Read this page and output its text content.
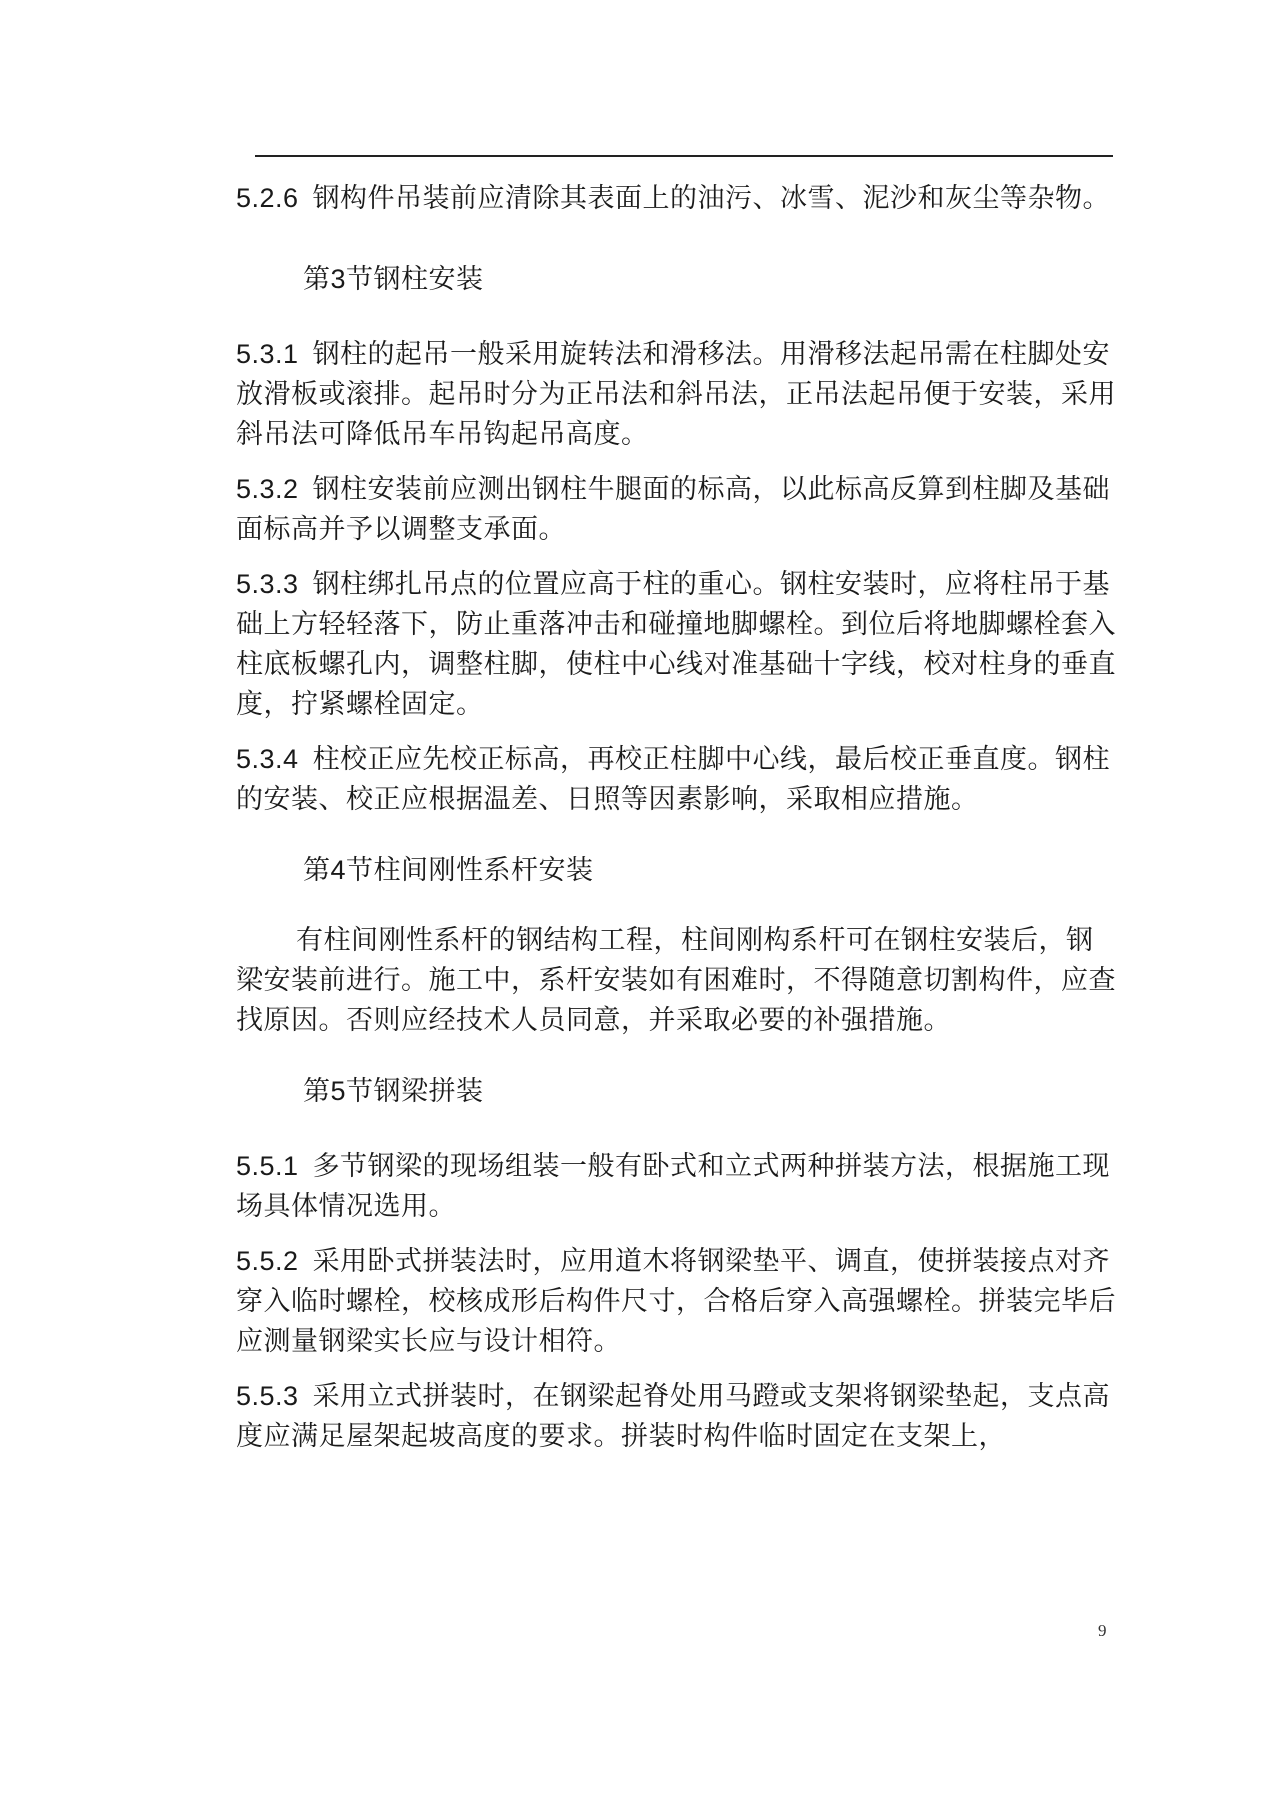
5.2.6 钢构件吊装前应清除其表面上的油污、冰雪、泥沙和灰尘等杂物。

第3节钢柱安装

5.3.1 钢柱的起吊一般采用旋转法和滑移法。用滑移法起吊需在柱脚处安放滑板或滚排。起吊时分为正吊法和斜吊法，正吊法起吊便于安装，采用斜吊法可降低吊车吊钩起吊高度。

5.3.2 钢柱安装前应测出钢柱牛腿面的标高，以此标高反算到柱脚及基础面标高并予以调整支承面。

5.3.3 钢柱绑扎吊点的位置应高于柱的重心。钢柱安装时，应将柱吊于基础上方轻轻落下，防止重落冲击和碰撞地脚螺栓。到位后将地脚螺栓套入柱底板螺孔内，调整柱脚，使柱中心线对准基础十字线，校对柱身的垂直度，拧紧螺栓固定。

5.3.4 柱校正应先校正标高，再校正柱脚中心线，最后校正垂直度。钢柱的安装、校正应根据温差、日照等因素影响，采取相应措施。

第4节柱间刚性系杆安装

有柱间刚性系杆的钢结构工程，柱间刚构系杆可在钢柱安装后，钢梁安装前进行。施工中，系杆安装如有困难时，不得随意切割构件，应查找原因。否则应经技术人员同意，并采取必要的补强措施。

第5节钢梁拼装

5.5.1 多节钢梁的现场组装一般有卧式和立式两种拼装方法，根据施工现场具体情况选用。

5.5.2 采用卧式拼装法时，应用道木将钢梁垫平、调直，使拼装接点对齐穿入临时螺栓，校核成形后构件尺寸，合格后穿入高强螺栓。拼装完毕后应测量钢梁实长应与设计相符。

5.5.3 采用立式拼装时，在钢梁起脊处用马蹬或支架将钢梁垫起，支点高度应满足屋架起坡高度的要求。拼装时构件临时固定在支架上，

9
